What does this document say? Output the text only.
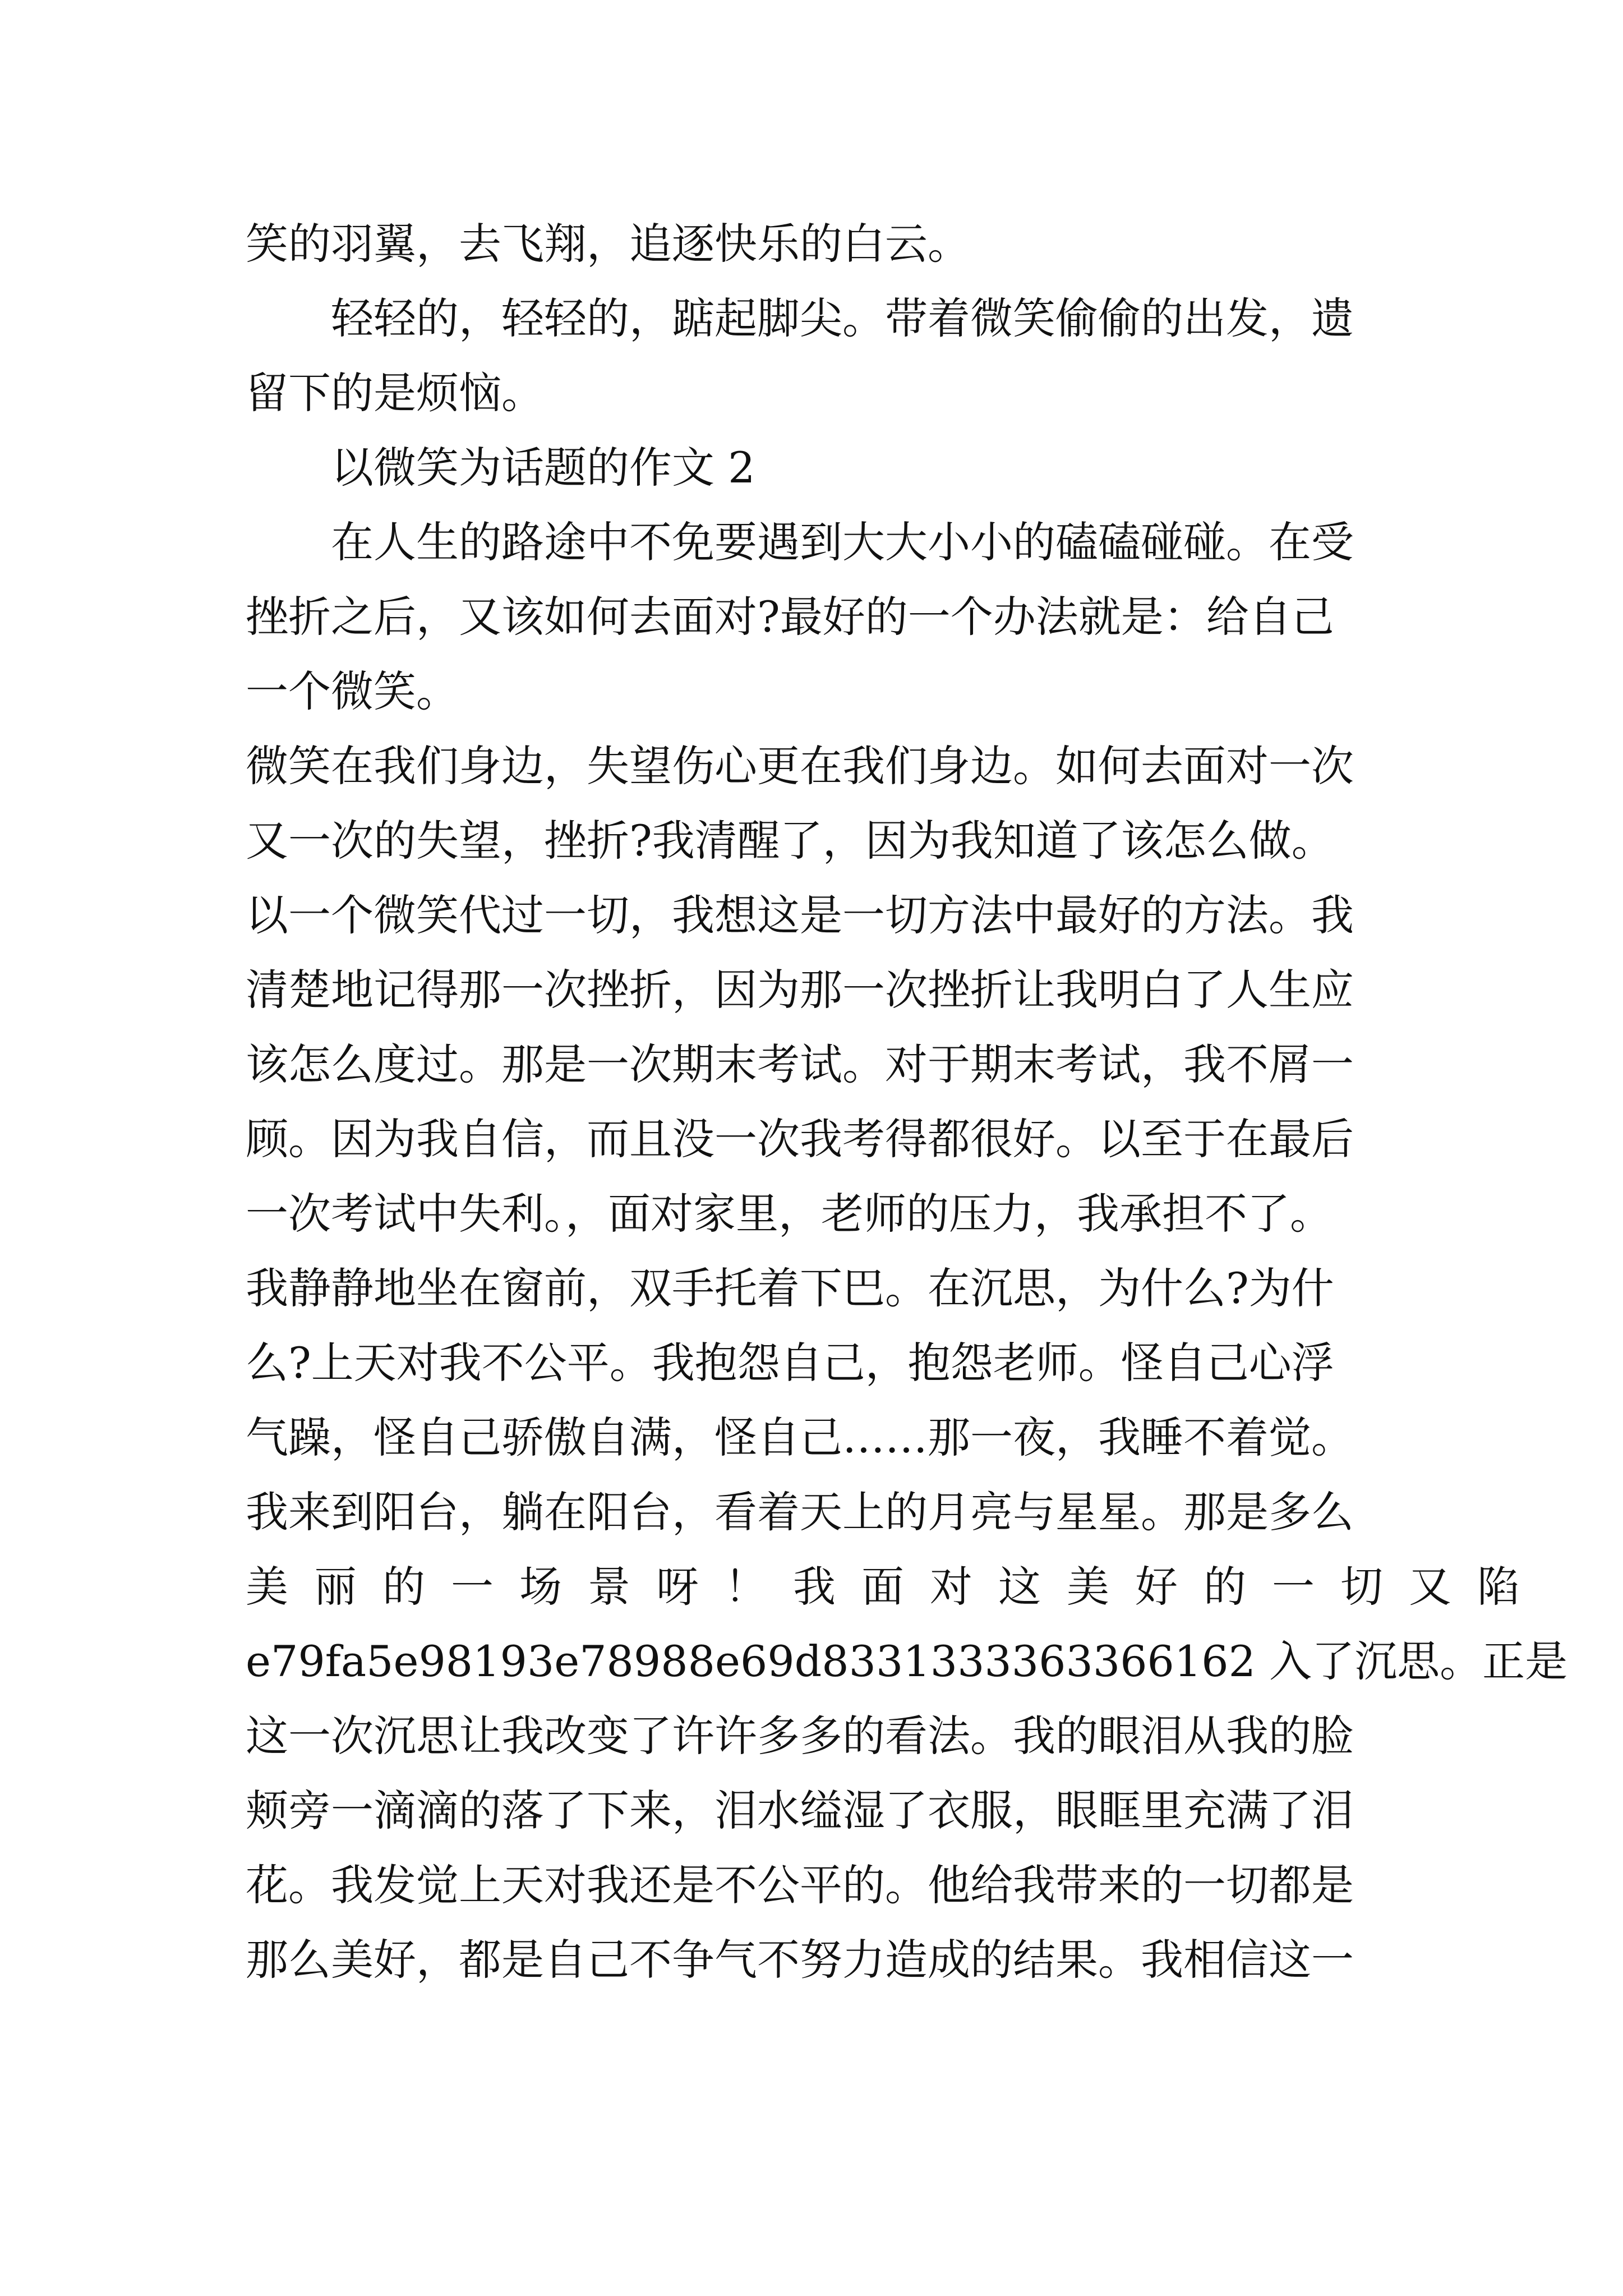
笑的羽翼，去飞翔，追逐快乐的白云。
轻轻的，轻轻的，踮起脚尖。带着微笑偷偷的出发，遗
留下的是烦恼。
以微笑为话题的作文 2
在人生的路途中不免要遇到大大小小的磕磕碰碰。在受
挫折之后，又该如何去面对?最好的一个办法就是：给自己
一个微笑。
微笑在我们身边，失望伤心更在我们身边。如何去面对一次
又一次的失望，挫折?我清醒了，因为我知道了该怎么做。
以一个微笑代过一切，我想这是一切方法中最好的方法。我
清楚地记得那一次挫折，因为那一次挫折让我明白了人生应
该怎么度过。那是一次期末考试。对于期末考试，我不屑一
顾。因为我自信，而且没一次我考得都很好。以至于在最后
一次考试中失利。，面对家里，老师的压力，我承担不了。
我静静地坐在窗前，双手托着下巴。在沉思，为什么?为什
么?上天对我不公平。我抱怨自己，抱怨老师。怪自己心浮
气躁，怪自己骄傲自满，怪自己……那一夜，我睡不着觉。
我来到阳台，躺在阳台，看着天上的月亮与星星。那是多么
美丽的一场景呀！我面对这美好的一切又陷
e79fa5e98193e78988e69d8331333363366162 入了沉思。正是
这一次沉思让我改变了许许多多的看法。我的眼泪从我的脸
颊旁一滴滴的落了下来，泪水缢湿了衣服，眼眶里充满了泪
花。我发觉上天对我还是不公平的。他给我带来的一切都是
那么美好，都是自己不争气不努力造成的结果。我相信这一
